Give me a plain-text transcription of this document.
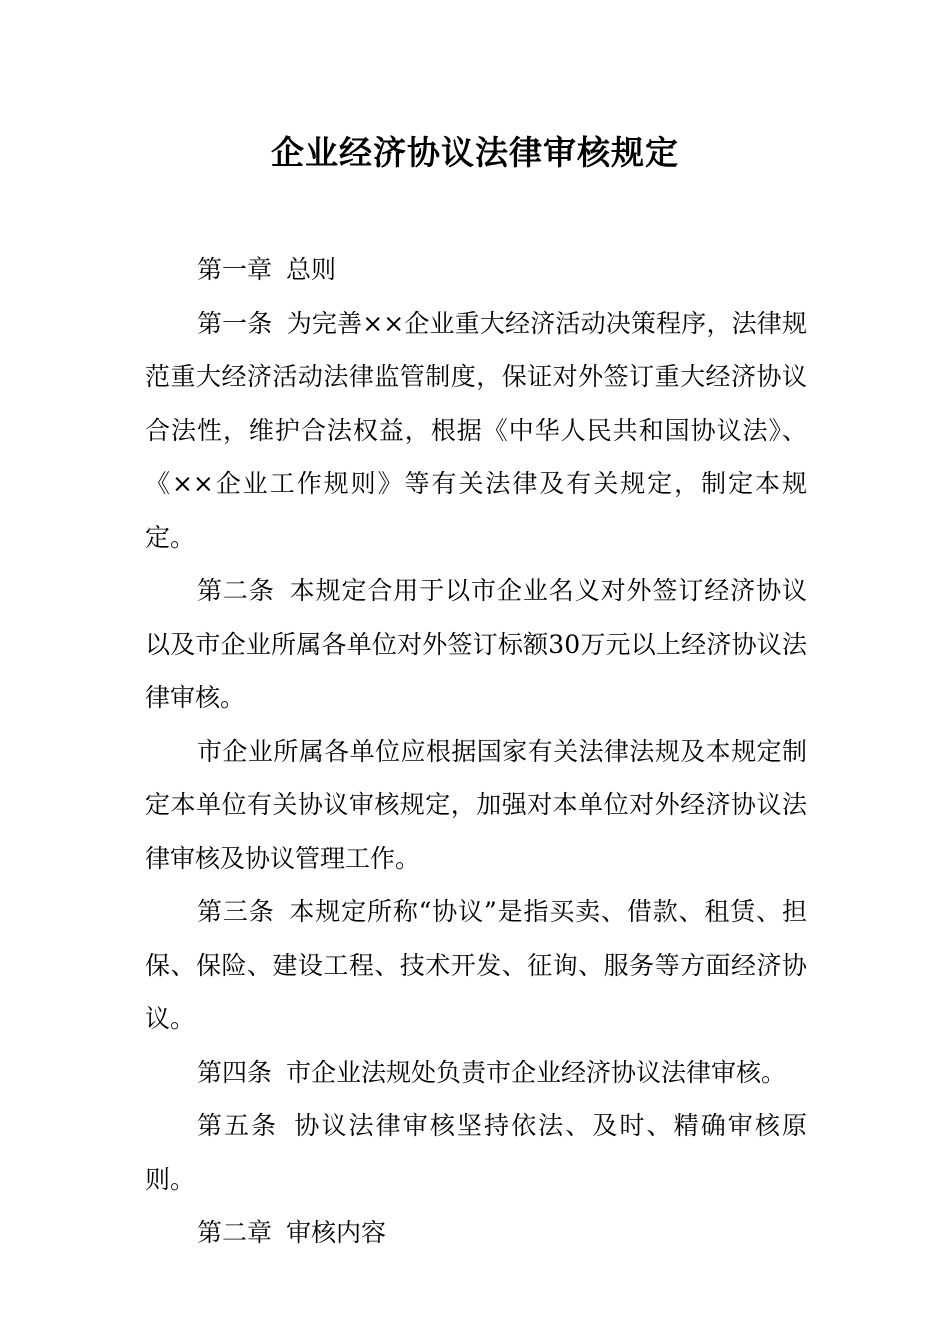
企业经济协议法律审核规定

第一章 总则

第一条 为完善××企业重大经济活动决策程序，法律规范重大经济活动法律监管制度，保证对外签订重大经济协议合法性，维护合法权益，根据《中华人民共和国协议法》、《××企业工作规则》等有关法律及有关规定，制定本规定。

第二条 本规定合用于以市企业名义对外签订经济协议以及市企业所属各单位对外签订标额30万元以上经济协议法律审核。

市企业所属各单位应根据国家有关法律法规及本规定制定本单位有关协议审核规定，加强对本单位对外经济协议法律审核及协议管理工作。

第三条 本规定所称“协议”是指买卖、借款、租赁、担保、保险、建设工程、技术开发、征询、服务等方面经济协议。

第四条 市企业法规处负责市企业经济协议法律审核。

第五条 协议法律审核坚持依法、及时、精确审核原则。

第二章 审核内容
